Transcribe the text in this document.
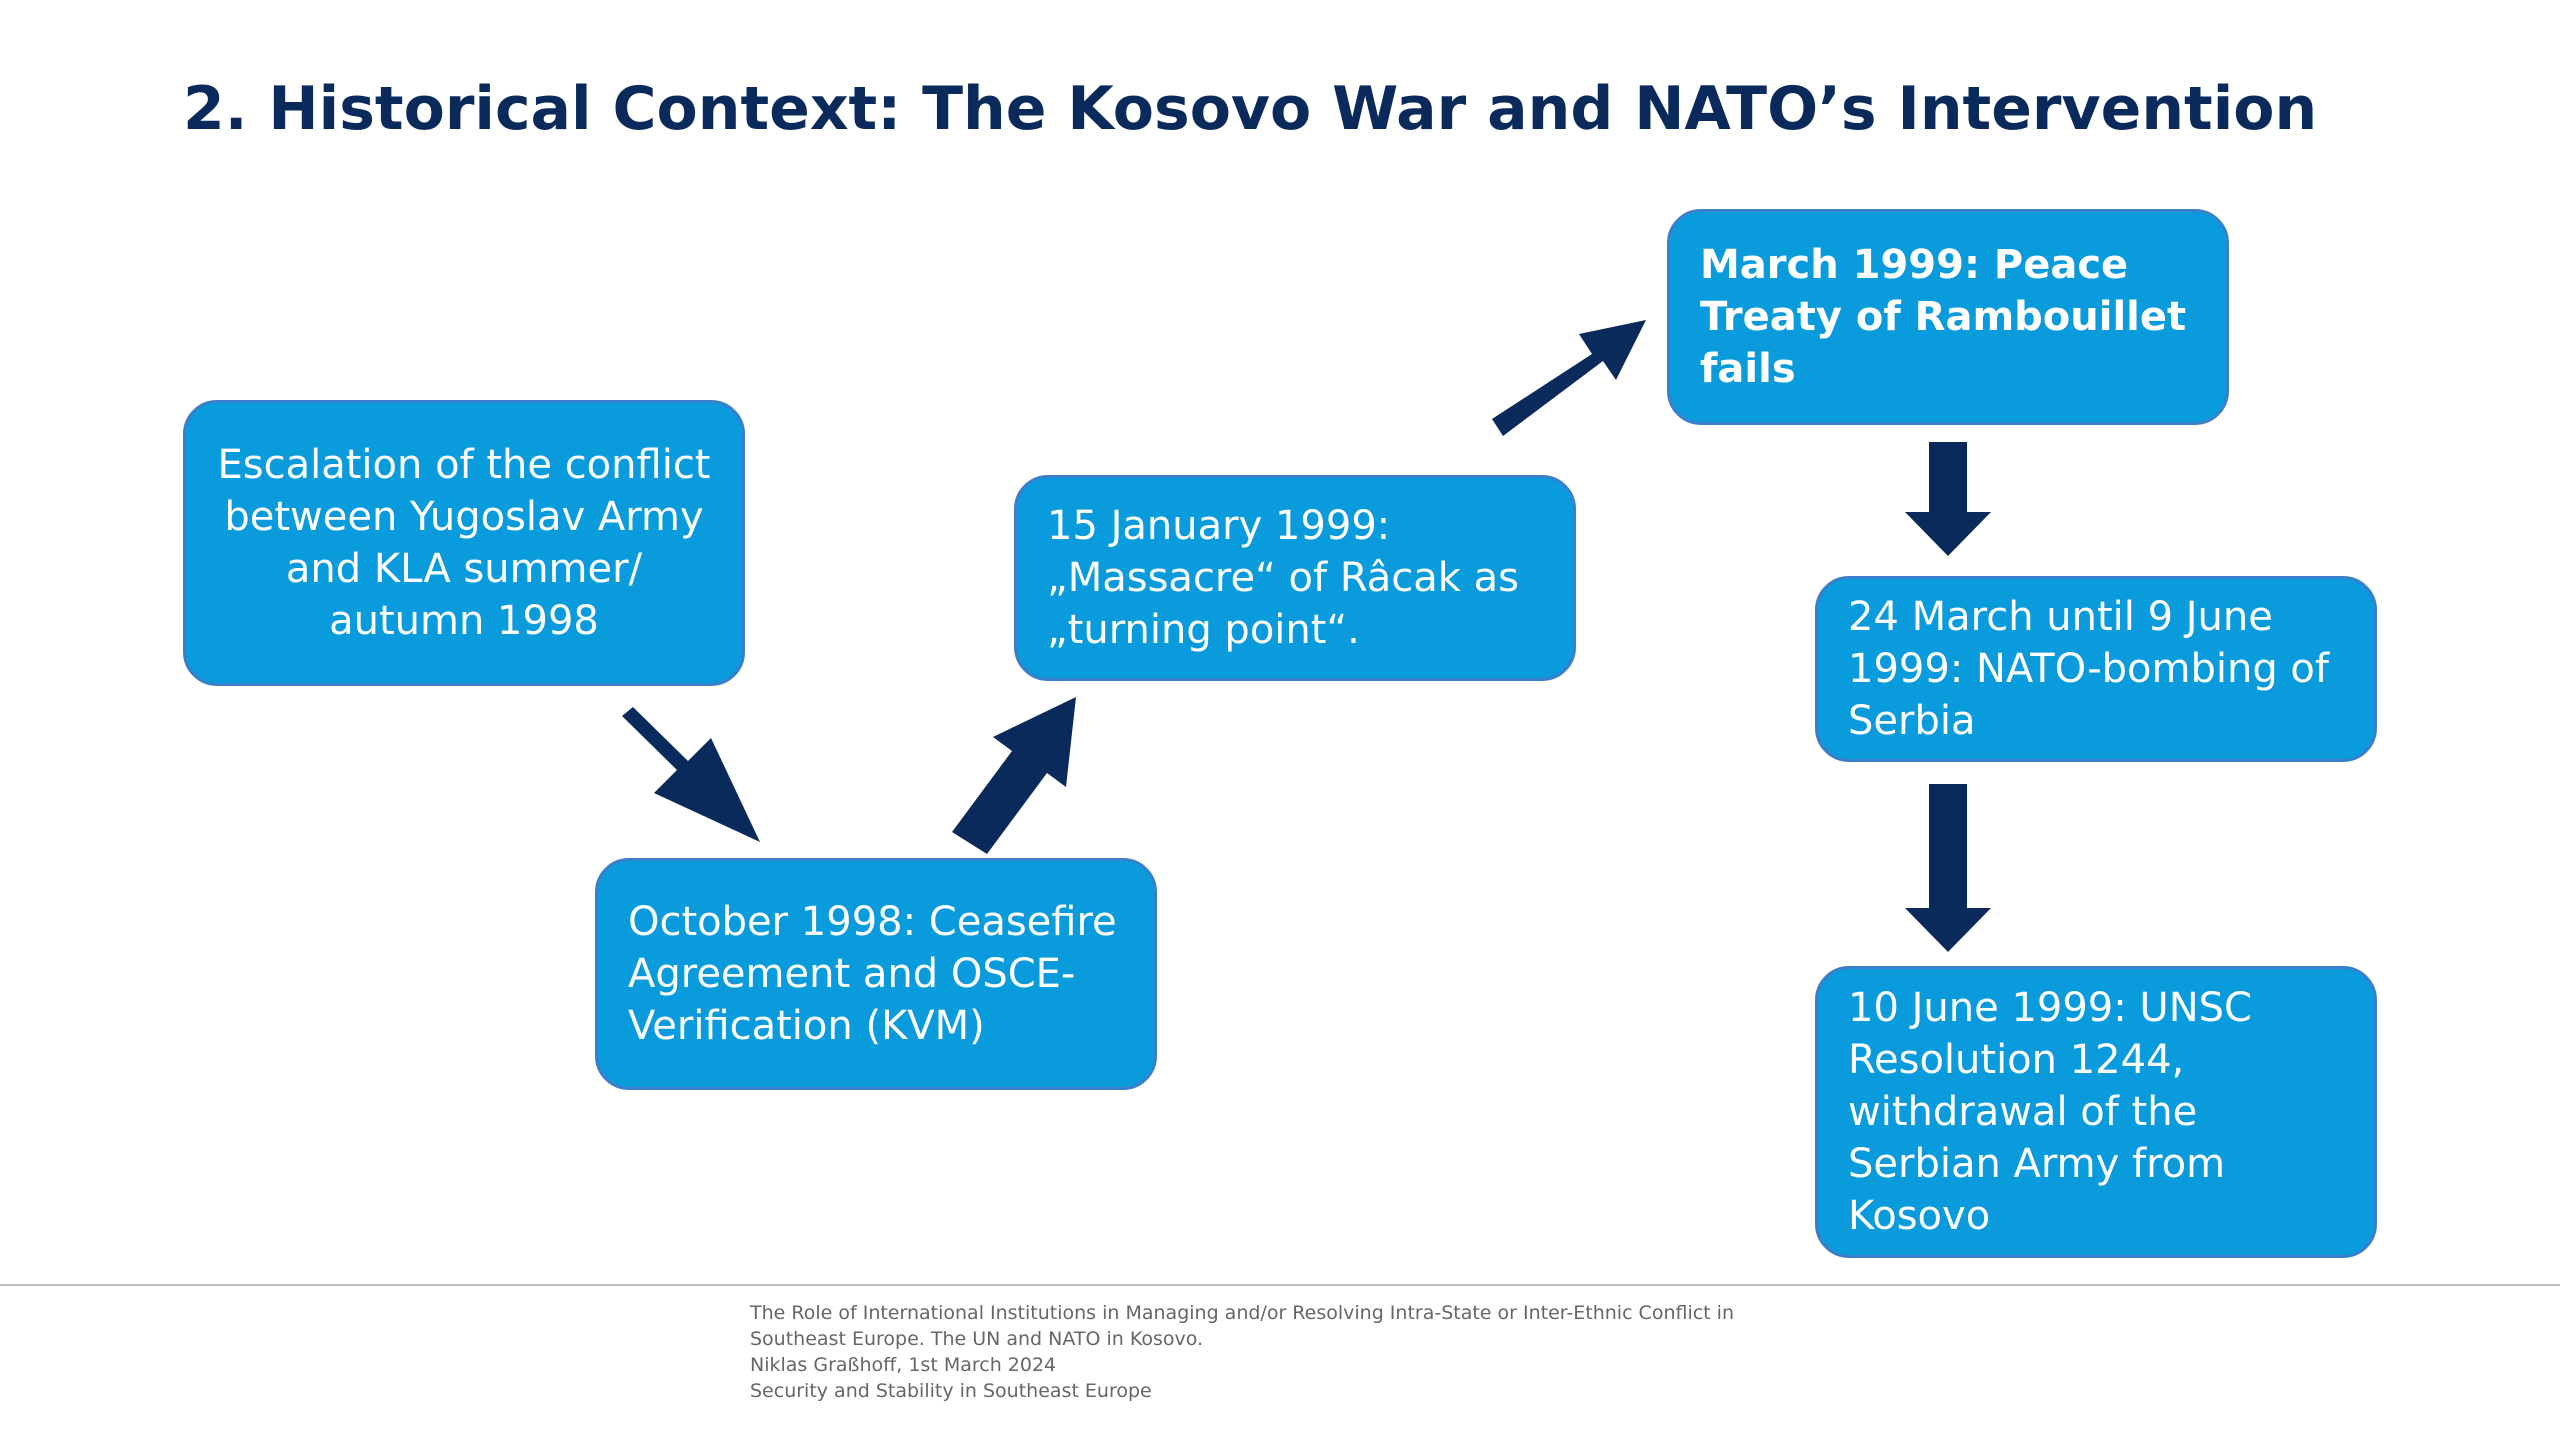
2. Historical Context: The Kosovo War and NATO’s Intervention
Escalation of the conflict
between Yugoslav Army
and KLA summer/
autumn 1998
October 1998: Ceasefire
Agreement and OSCE-
Verification (KVM)
15 January 1999:
„Massacre“ of Râcak as
„turning point“.
March 1999: Peace
Treaty of Rambouillet
fails
24 March until 9 June
1999: NATO-bombing of
Serbia
10 June 1999: UNSC
Resolution 1244,
withdrawal of the
Serbian Army from
Kosovo
The Role of International Institutions in Managing and/or Resolving Intra-State or Inter-Ethnic Conflict in
Southeast Europe. The UN and NATO in Kosovo.
Niklas Graßhoff, 1st March 2024
Security and Stability in Southeast Europe
